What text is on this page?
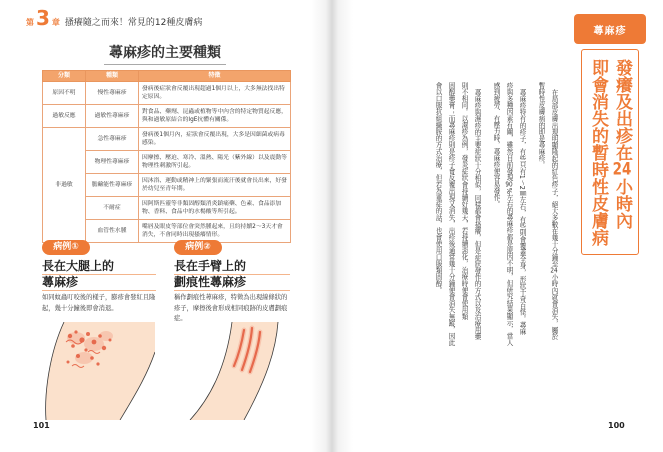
第 3 章 搔癢隨之而來！常見的12種皮膚病
蕁麻疹的主要種類
分類	種類	特徵
原因不明	慢性蕁麻疹	發病後症狀會反覆出現超過1個月以上，大多無法找出特定原因。
過敏反應	過敏性蕁麻疹	對食品、藥劑、昆蟲或植物等中內含的特定物質起反應，與和過敏原結合的IgE抗體有關係。
非過敏	急性蕁麻疹	發病後1個月內，症狀會反覆出現，大多是因細菌或病毒感染。
	物理性蕁麻疹	因摩擦、壓迫、寒冷、溫熱、陽光（紫外線）以及震動等物理性刺激所引起。
	膽鹼能性蕁麻疹	因沐浴、運動或精神上的緊張而流汗後就會長出來，好發於幼兒至青年期。
	不耐症	因阿斯匹靈等非類固醇類消炎鎮痛藥、色素、食品添加物、香料、食品中的水楊酸等所引起。
	血管性水腫	嘴唇及眼皮等部位會突然腫起來，且約持續2～3天才會消失，不會同時出現搔癢情形。
病例①
長在大腿上的
蕁麻疹
如同蚊蟲叮咬後的樣子，膨疹會發紅且隆起，幾十分鐘後即會消退。
病例②
長在手臂上的
劃痕性蕁麻疹
稱作劃痕性蕁麻疹，特徵為出現線條狀的疹子，摩擦後會形成相同痕跡的皮膚劃痕症。
101
蕁麻疹
發癢及出疹在24小時內
即會消失的暫時性皮膚病
在局部皮膚出現明顯隆起的紅色疹子，絕大多數在幾十分鐘至24小時內就會消失，屬於
暫時性皮膚病的即是蕁麻疹。
蕁麻疹特有的疹子，有些只有1〜2㎜左右，有些則會覆蓋全身，形狀千奇百怪。蕁麻
疹與多種因素有關，雖然目前發現90%左右的蕁麻疹都是原因不明，但研究結果顯示，當人
感到疲勞、有壓力時，蕁麻疹便容易發作。
蕁麻疹與濕疹的主要症狀十分相似，同樣都會搔癢，但是症狀發作的方式以及治療用藥
則不相同。以濕疹為例，發炎症狀會持續好幾天，若持續惡化，治療時便會使用類
固醇藥膏；而蕁麻疹則是疹子會反覆出現又消失，出疹後通常幾十分鐘便會消失無蹤，因此
會以口服抗組織胺的方式治療，但若為重症的話，也會使用口服類固醇。
100
